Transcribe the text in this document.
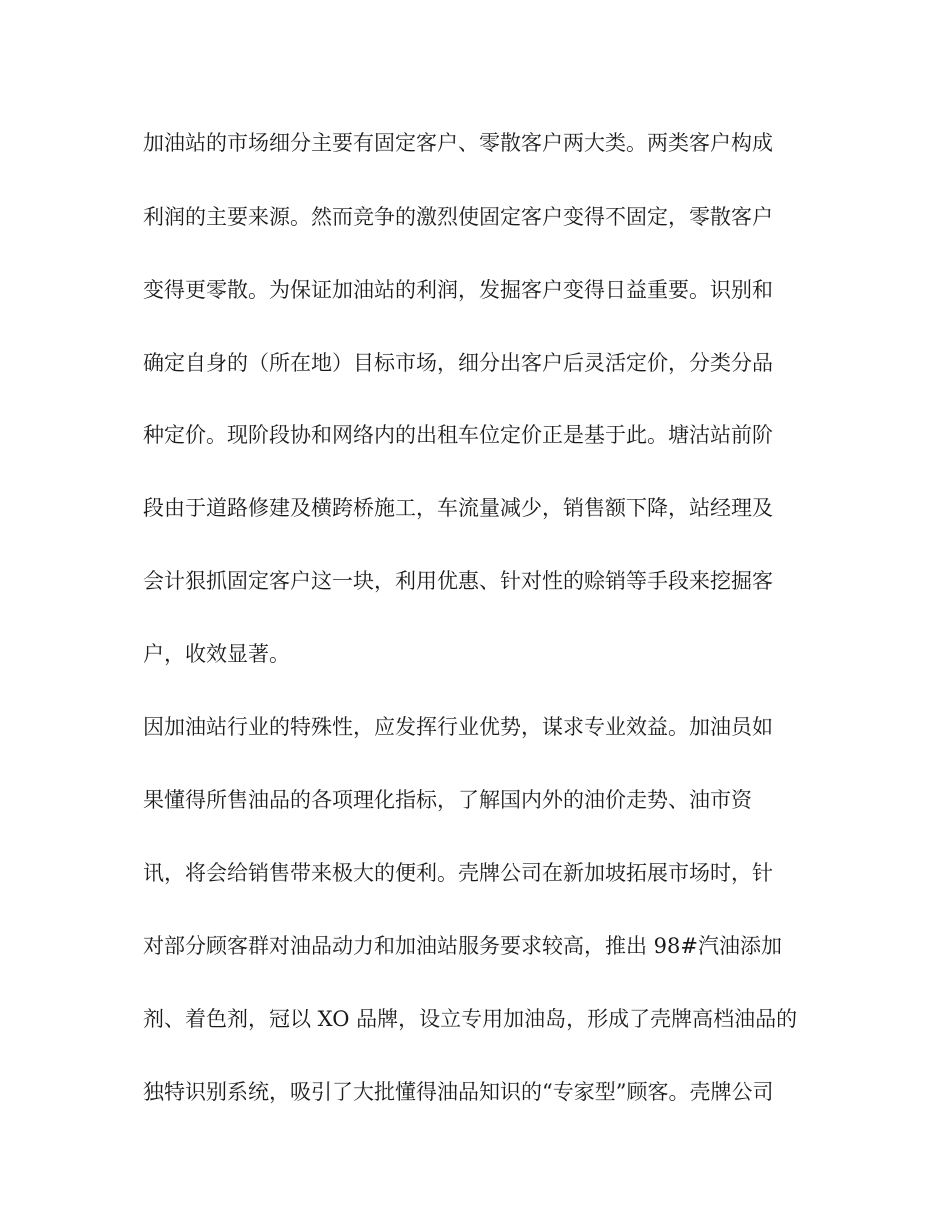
加油站的市场细分主要有固定客户、零散客户两大类。两类客户构成
利润的主要来源。然而竞争的激烈使固定客户变得不固定，零散客户
变得更零散。为保证加油站的利润，发掘客户变得日益重要。识别和
确定自身的（所在地）目标市场，细分出客户后灵活定价，分类分品
种定价。现阶段协和网络内的出租车位定价正是基于此。塘沽站前阶
段由于道路修建及横跨桥施工，车流量减少，销售额下降，站经理及
会计狠抓固定客户这一块，利用优惠、针对性的赊销等手段来挖掘客
户，收效显著。
因加油站行业的特殊性，应发挥行业优势，谋求专业效益。加油员如
果懂得所售油品的各项理化指标，了解国内外的油价走势、油市资
讯，将会给销售带来极大的便利。壳牌公司在新加坡拓展市场时，针
对部分顾客群对油品动力和加油站服务要求较高，推出 98#汽油添加
剂、着色剂，冠以 XO 品牌，设立专用加油岛，形成了壳牌高档油品的
独特识别系统，吸引了大批懂得油品知识的“专家型”顾客。壳牌公司
